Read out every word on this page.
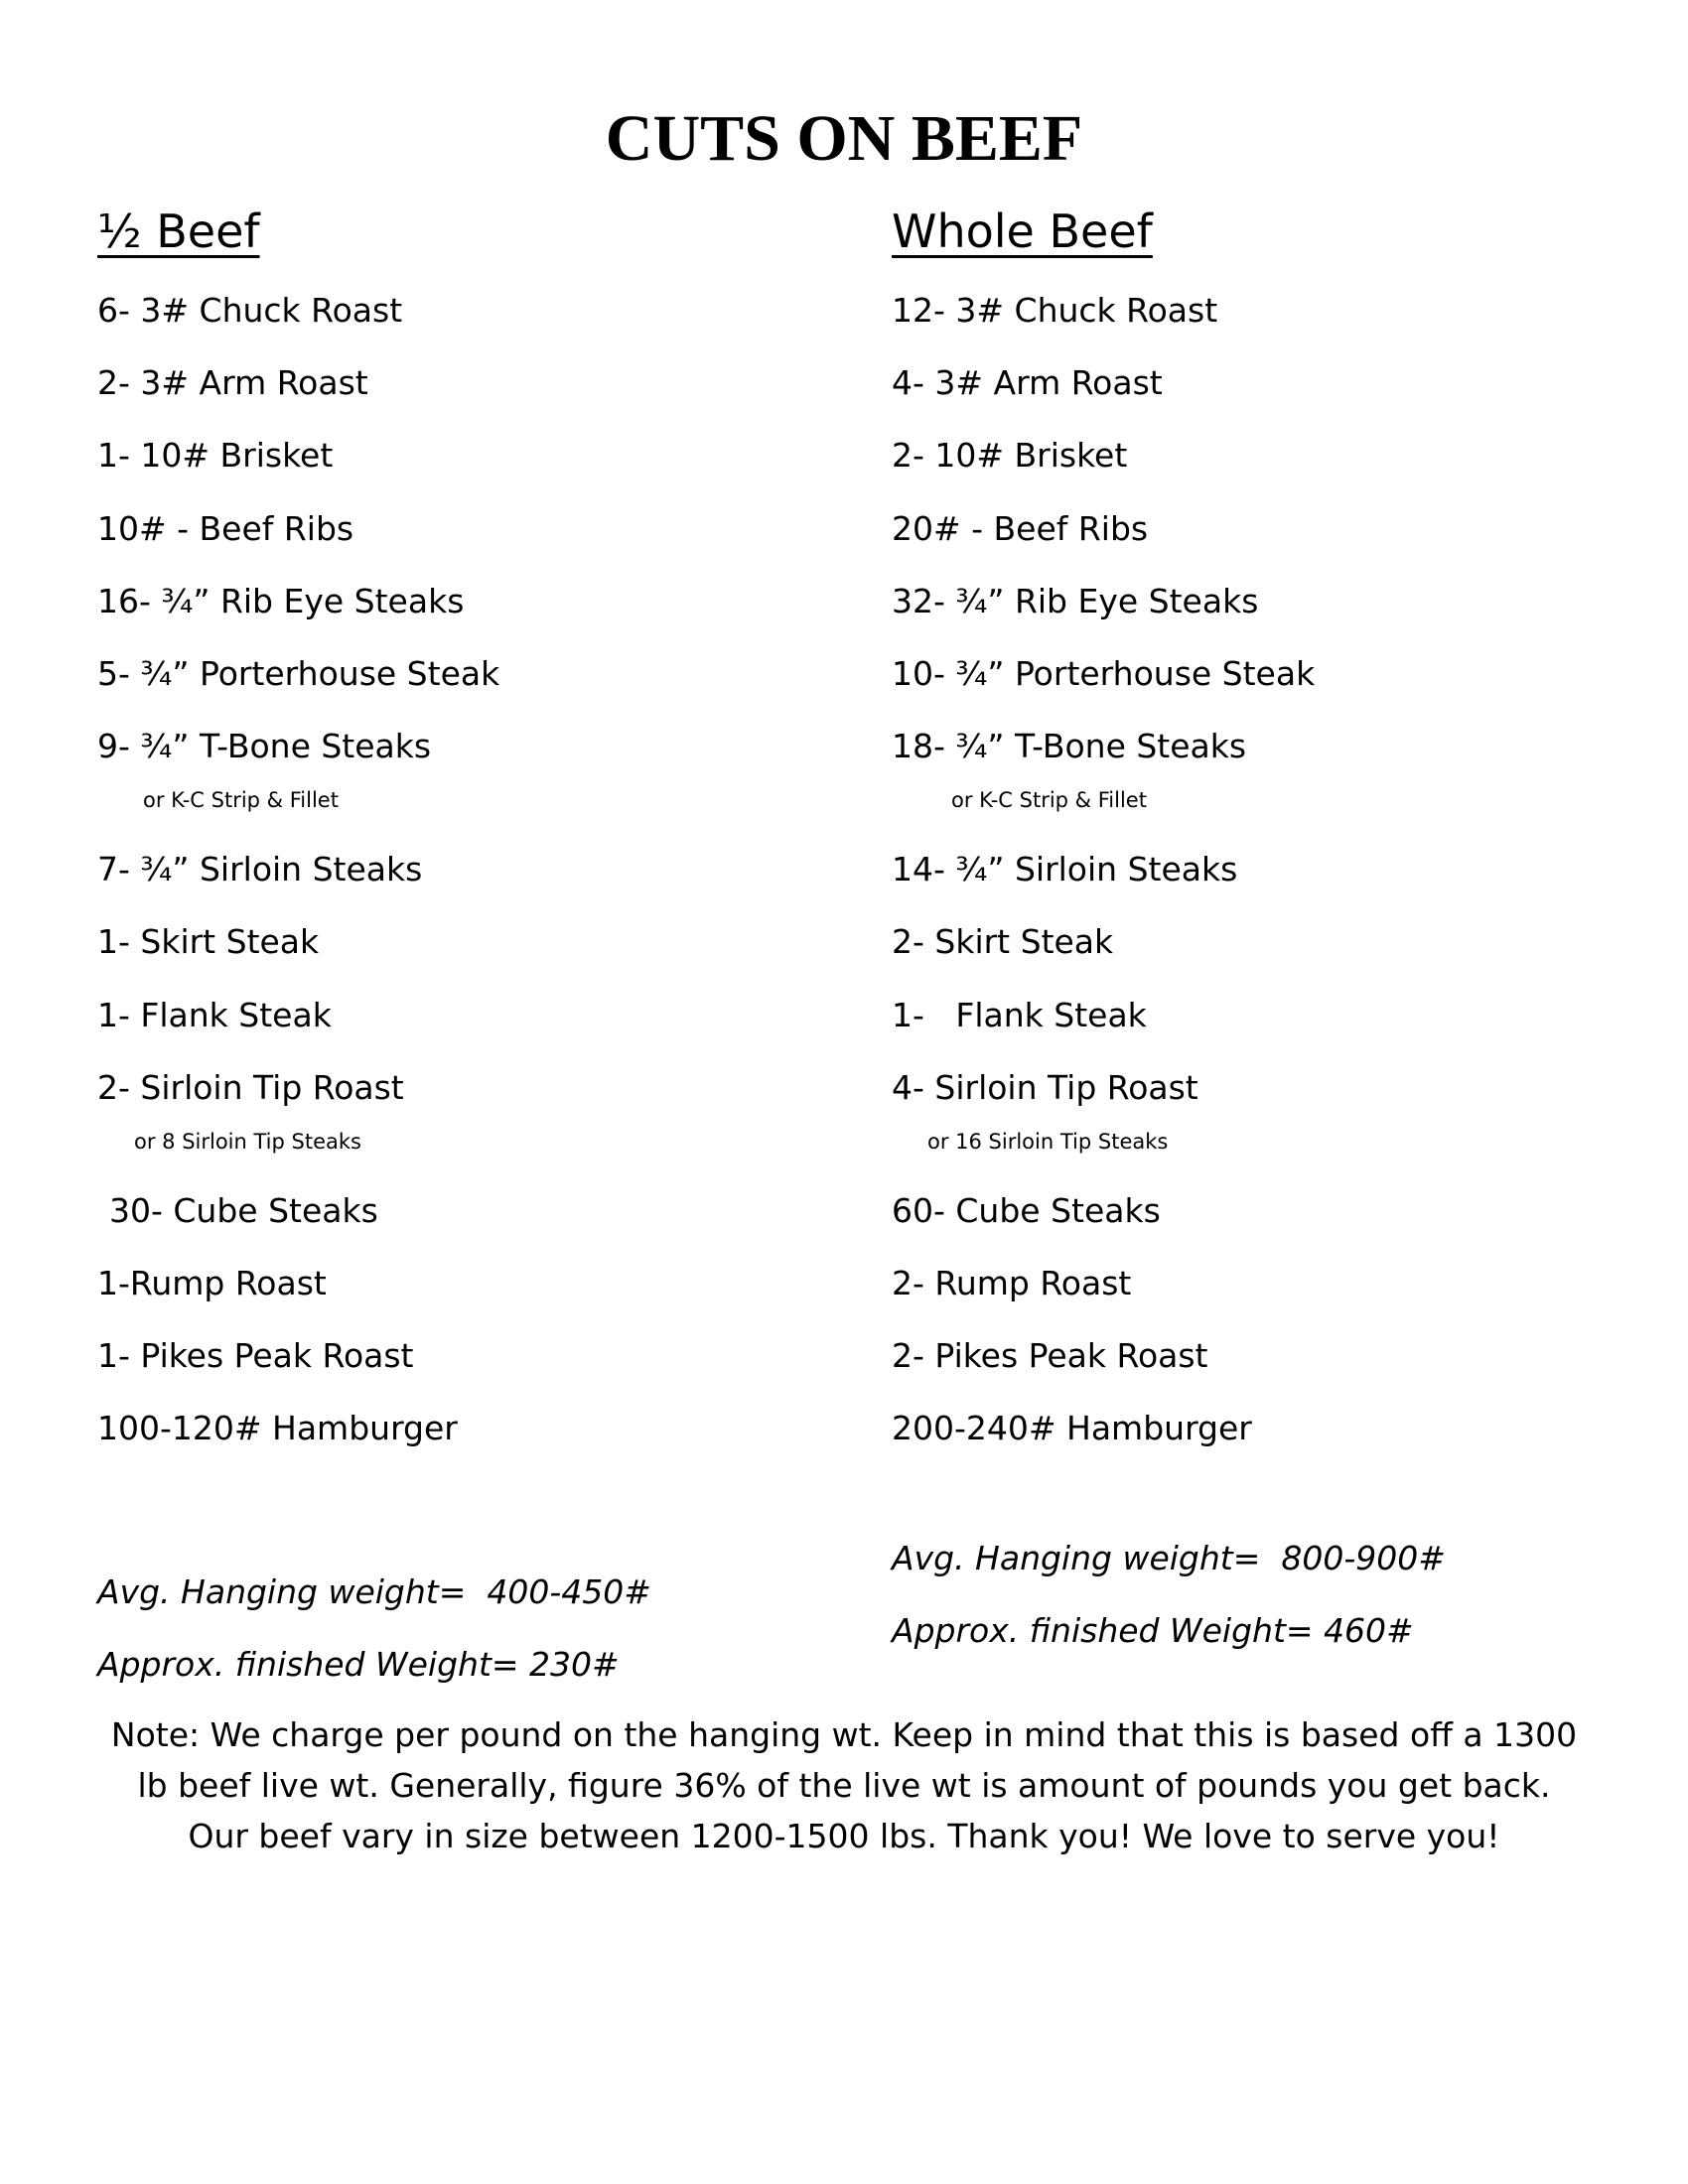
CUTS ON BEEF
½ Beef
6- 3# Chuck Roast
2- 3# Arm Roast
1- 10# Brisket
10# - Beef Ribs
16- ¾” Rib Eye Steaks
5- ¾” Porterhouse Steak
9- ¾” T-Bone Steaks
or K-C Strip & Fillet
7- ¾” Sirloin Steaks
1- Skirt Steak
1- Flank Steak
2- Sirloin Tip Roast
or 8 Sirloin Tip Steaks
30- Cube Steaks
1-Rump Roast
1- Pikes Peak Roast
100-120# Hamburger
Whole Beef
12- 3# Chuck Roast
4- 3# Arm Roast
2- 10# Brisket
20# - Beef Ribs
32- ¾” Rib Eye Steaks
10- ¾” Porterhouse Steak
18- ¾” T-Bone Steaks
or K-C Strip & Fillet
14- ¾” Sirloin Steaks
2- Skirt Steak
1-   Flank Steak
4- Sirloin Tip Roast
or 16 Sirloin Tip Steaks
60- Cube Steaks
2- Rump Roast
2- Pikes Peak Roast
200-240# Hamburger
Avg. Hanging weight=  400-450#
Approx. finished Weight= 230#
Avg. Hanging weight=  800-900#
Approx. finished Weight= 460#

Note: We charge per pound on the hanging wt. Keep in mind that this is based off a 1300 lb beef live wt. Generally, figure 36% of the live wt is amount of pounds you get back. Our beef vary in size between 1200-1500 lbs. Thank you! We love to serve you!
